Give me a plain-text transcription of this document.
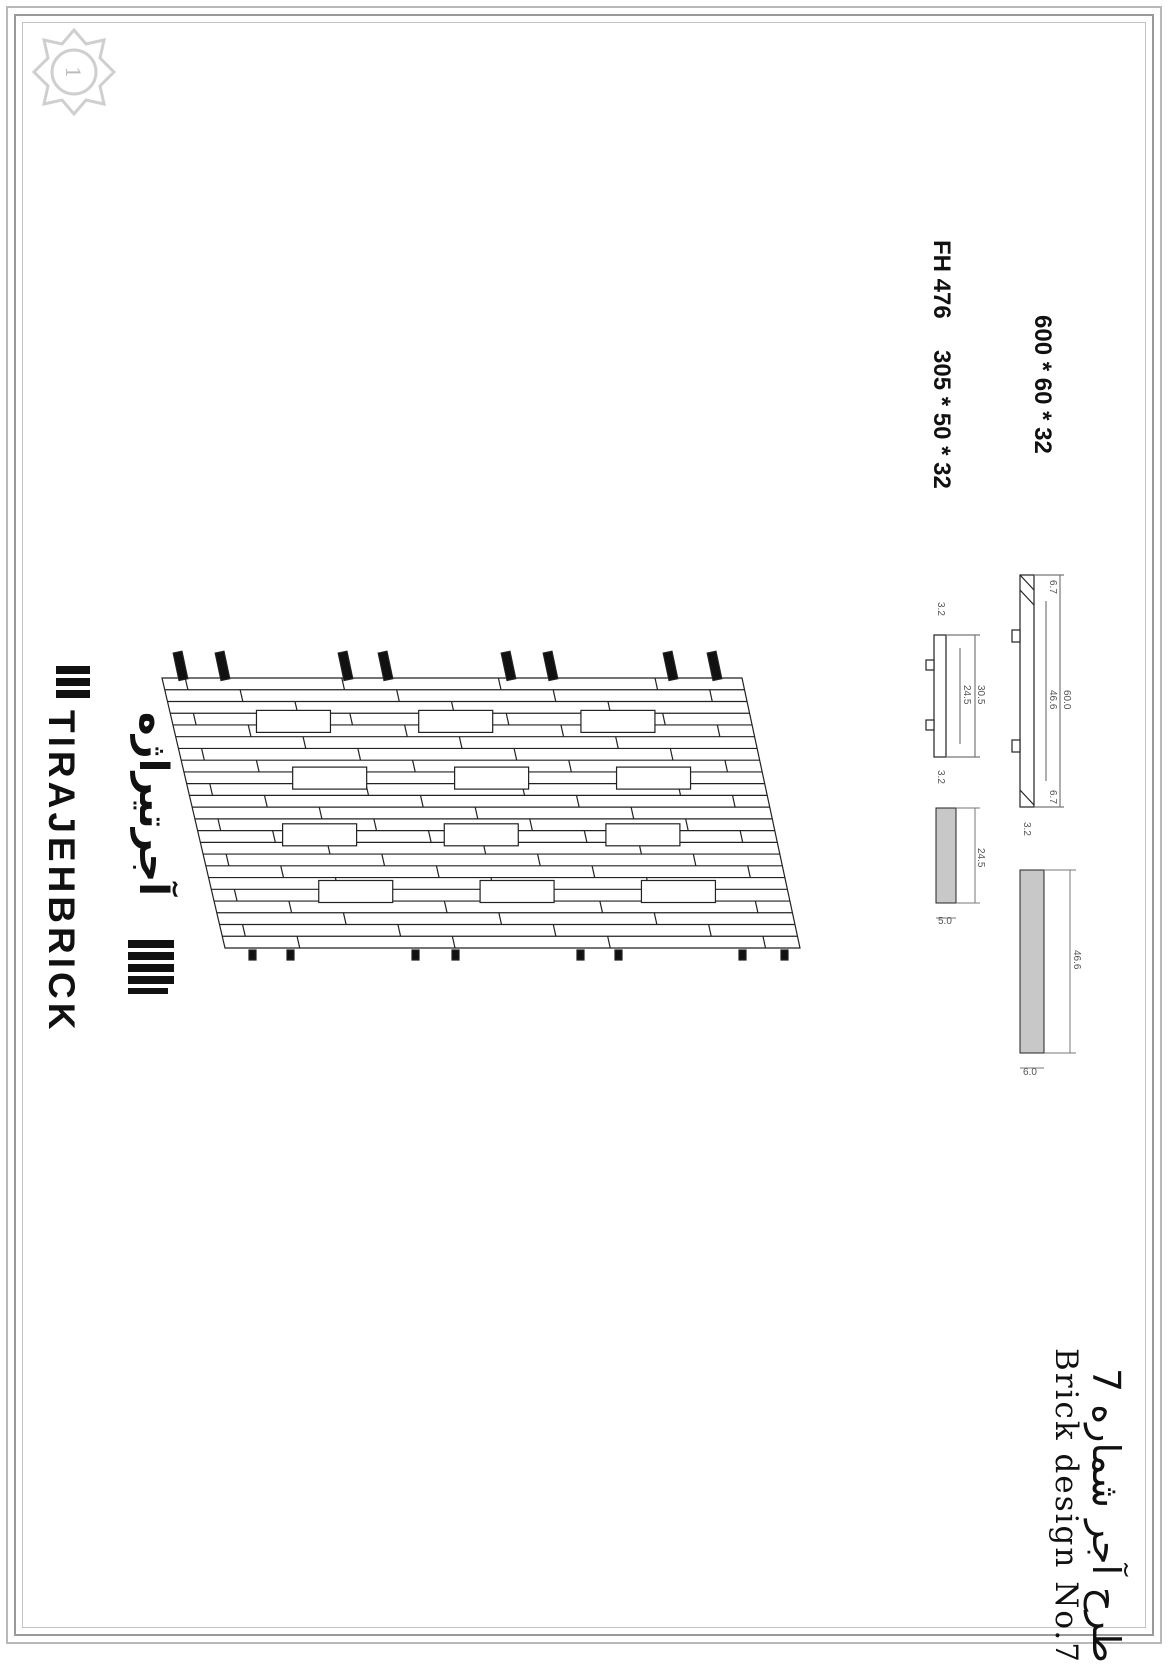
1
60.0
46.6
6.7
6.7
3.2
30.5
24.5
3.2
3.2
24.5
5.0
46.6
6.0
طرح آجر شماره 7
Brick design No.7
600 * 60 * 32
FH 476
305 * 50 * 32
TIRAJEHBRICK آجرتیراژه
